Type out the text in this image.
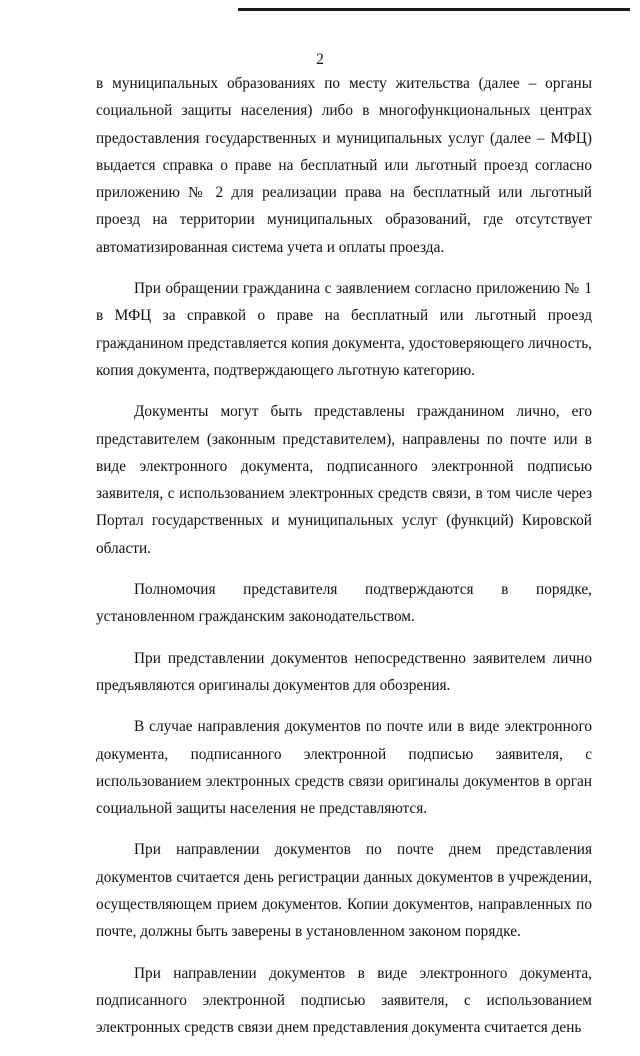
2

в муниципальных образованиях по месту жительства (далее – органы социальной защиты населения) либо в многофункциональных центрах предоставления государственных и муниципальных услуг (далее – МФЦ) выдается справка о праве на бесплатный или льготный проезд согласно приложению № 2 для реализации права на бесплатный или льготный проезд на территории муниципальных образований, где отсутствует автоматизированная система учета и оплаты проезда.

При обращении гражданина с заявлением согласно приложению № 1 в МФЦ за справкой о праве на бесплатный или льготный проезд гражданином представляется копия документа, удостоверяющего личность, копия документа, подтверждающего льготную категорию.

Документы могут быть представлены гражданином лично, его представителем (законным представителем), направлены по почте или в виде электронного документа, подписанного электронной подписью заявителя, с использованием электронных средств связи, в том числе через Портал государственных и муниципальных услуг (функций) Кировской области.

Полномочия представителя подтверждаются в порядке, установленном гражданским законодательством.

При представлении документов непосредственно заявителем лично предъявляются оригиналы документов для обозрения.

В случае направления документов по почте или в виде электронного документа, подписанного электронной подписью заявителя, с использованием электронных средств связи оригиналы документов в орган социальной защиты населения не представляются.

При направлении документов по почте днем представления документов считается день регистрации данных документов в учреждении, осуществляющем прием документов. Копии документов, направленных по почте, должны быть заверены в установленном законом порядке.

При направлении документов в виде электронного документа, подписанного электронной подписью заявителя, с использованием электронных средств связи днем представления документа считается день
